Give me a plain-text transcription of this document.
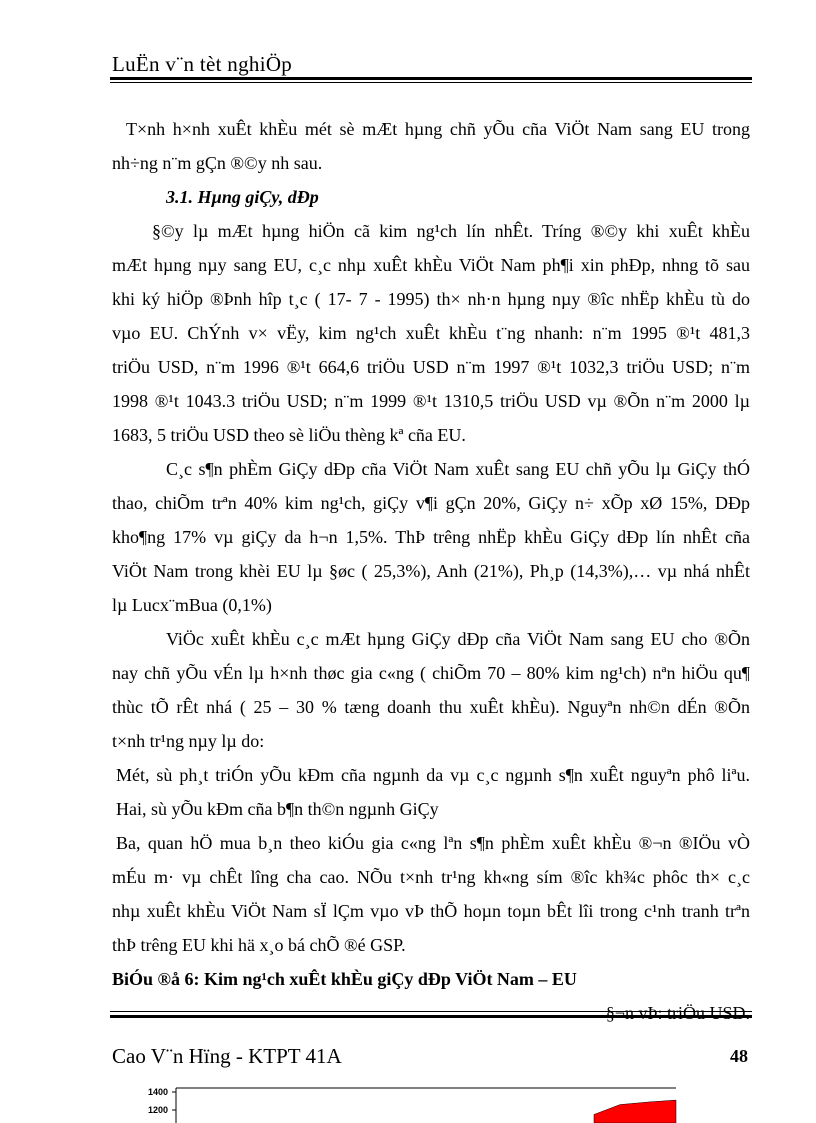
LuËn v¨n tèt nghiÖp
T×nh h×nh xuÊt khÈu mét sè mÆt hµng chñ yÕu cña ViÖt Nam sang EU trong
nh÷ng n¨m gÇn ®©y nh sau.
3.1. Hµng giÇy, dÐp
§©y lµ mÆt hµng hiÖn cã kim ng¹ch lín nhÊt. Tríng ®©y khi xuÊt khÈu
mÆt hµng nµy sang EU, c¸c nhµ xuÊt khÈu ViÖt Nam ph¶i xin phÐp, nhng tõ sau
khi ký hiÖp ®Þnh hîp t¸c ( 17- 7 - 1995) th× nh·n hµng nµy ®îc nhËp khÈu tù do
vµo EU. ChÝnh v× vËy, kim ng¹ch xuÊt khÈu t¨ng nhanh: n¨m 1995 ®¹t 481,3
triÖu USD, n¨m 1996 ®¹t 664,6 triÖu USD n¨m 1997 ®¹t 1032,3 triÖu USD; n¨m
1998 ®¹t 1043.3 triÖu USD; n¨m 1999 ®¹t 1310,5 triÖu USD vµ ®Õn n¨m 2000 lµ
1683, 5 triÖu USD theo sè liÖu thèng kª cña EU.
C¸c s¶n phÈm GiÇy dÐp cña ViÖt Nam xuÊt sang EU chñ yÕu lµ GiÇy thÓ
thao, chiÕm trªn 40% kim ng¹ch, giÇy v¶i gÇn 20%, GiÇy n÷ xÕp xØ 15%, DÐp
kho¶ng 17% vµ giÇy da h¬n 1,5%. ThÞ trêng nhËp khÈu GiÇy dÐp lín nhÊt cña
ViÖt Nam trong khèi EU lµ §øc ( 25,3%), Anh (21%), Ph¸p (14,3%),… vµ nhá nhÊt
lµ Lucx¨mBua (0,1%)
ViÖc xuÊt khÈu c¸c mÆt hµng GiÇy dÐp cña ViÖt Nam sang EU cho ®Õn
nay chñ yÕu vÉn lµ h×nh thøc gia c«ng ( chiÕm 70 – 80% kim ng¹ch) nªn hiÖu qu¶
thùc tÕ rÊt nhá ( 25 – 30 % tæng doanh thu xuÊt khÈu). Nguyªn nh©n dÉn ®Õn
t×nh tr¹ng nµy lµ do:
Mét, sù ph¸t triÓn yÕu kÐm cña ngµnh da vµ c¸c ngµnh s¶n xuÊt nguyªn phô liªu.
Hai, sù yÕu kÐm cña b¶n th©n ngµnh GiÇy
Ba, quan hÖ mua b¸n theo kiÓu gia c«ng lªn s¶n phÈm xuÊt khÈu ®¬n ®IÖu vÒ
mÉu m· vµ chÊt lîng cha cao. NÕu t×nh tr¹ng kh«ng sím ®îc kh¾c phôc th× c¸c
nhµ xuÊt khÈu ViÖt Nam sÏ lÇm vµo vÞ thÕ hoµn toµn bÊt lîi trong c¹nh tranh trªn
thÞ trêng EU khi hä x¸o bá chÕ ®é GSP.
BiÓu ®å 6: Kim ng¹ch xuÊt khÈu giÇy dÐp ViÖt Nam – EU
§¬n vÞ: triÖu USD.
Cao V¨n Hïng - KTPT 41A	48
1400
1200
